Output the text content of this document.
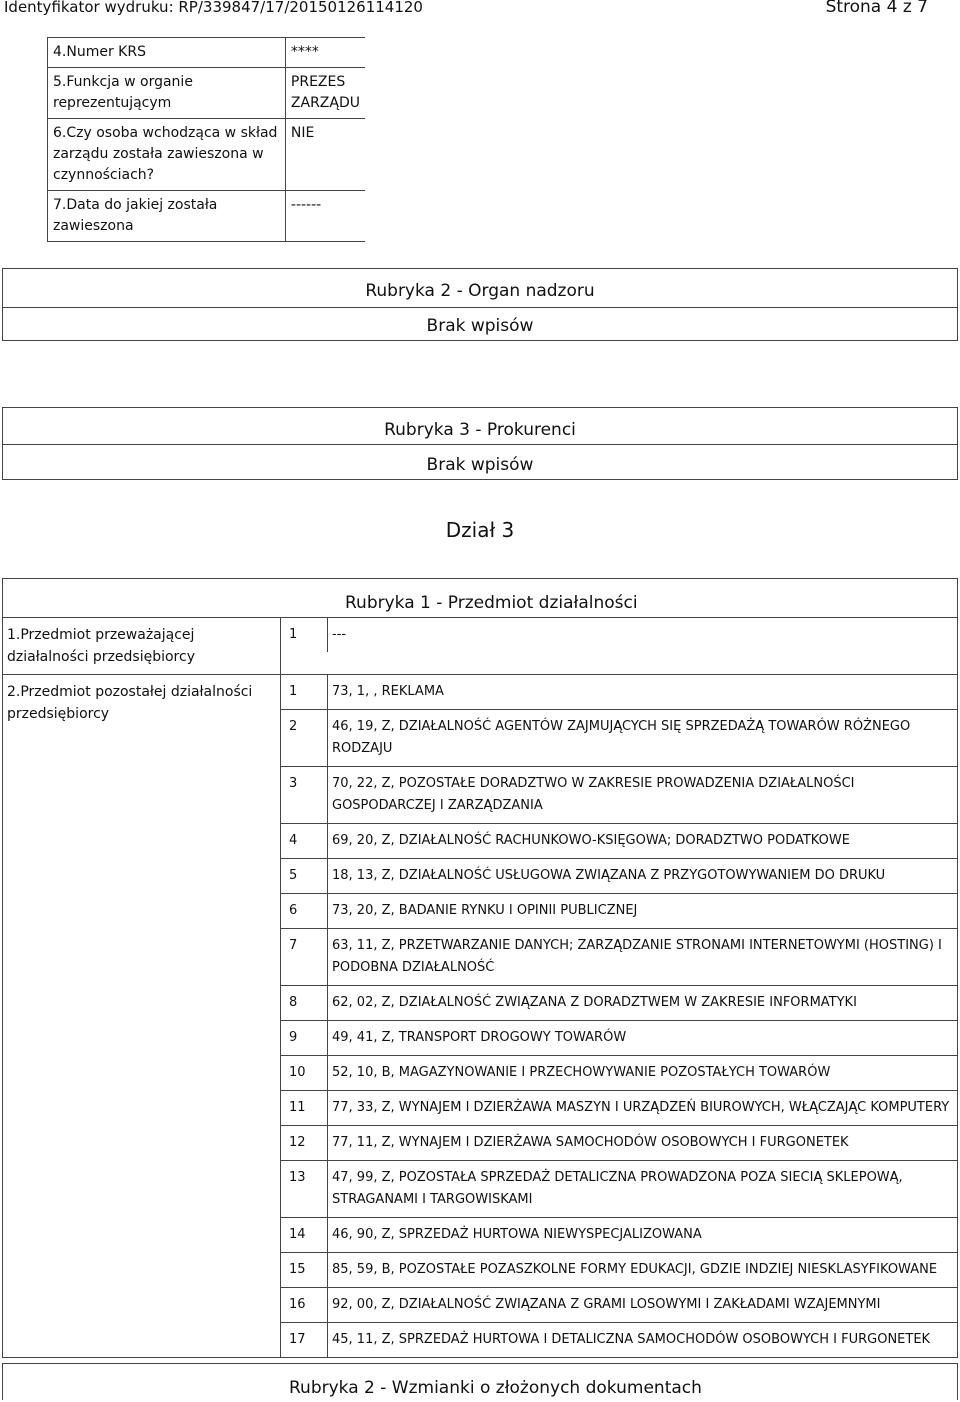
Identyfikator wydruku: RP/339847/17/20150126114120	Strona 4 z 7
4.Numer KRS	****
5.Funkcja w organie reprezentującym	PREZES ZARZĄDU
6.Czy osoba wchodząca w skład zarządu została zawieszona w czynnościach?	NIE
7.Data do jakiej została zawieszona	------
Rubryka 2 - Organ nadzoru
Brak wpisów
Rubryka 3 - Prokurenci
Brak wpisów
Dział 3
Rubryka 1 - Przedmiot działalności
1.Przedmiot przeważającej działalności przedsiębiorcy
1	---
2.Przedmiot pozostałej działalności przedsiębiorcy
1	73, 1, , REKLAMA
2	46, 19, Z, DZIAŁALNOŚĆ AGENTÓW ZAJMUJĄCYCH SIĘ SPRZEDAŻĄ TOWARÓW RÓŻNEGO RODZAJU
3	70, 22, Z, POZOSTAŁE DORADZTWO W ZAKRESIE PROWADZENIA DZIAŁALNOŚCI GOSPODARCZEJ I ZARZĄDZANIA
4	69, 20, Z, DZIAŁALNOŚĆ RACHUNKOWO-KSIĘGOWA; DORADZTWO PODATKOWE
5	18, 13, Z, DZIAŁALNOŚĆ USŁUGOWA ZWIĄZANA Z PRZYGOTOWYWANIEM DO DRUKU
6	73, 20, Z, BADANIE RYNKU I OPINII PUBLICZNEJ
7	63, 11, Z, PRZETWARZANIE DANYCH; ZARZĄDZANIE STRONAMI INTERNETOWYMI (HOSTING) I PODOBNA DZIAŁALNOŚĆ
8	62, 02, Z, DZIAŁALNOŚĆ ZWIĄZANA Z DORADZTWEM W ZAKRESIE INFORMATYKI
9	49, 41, Z, TRANSPORT DROGOWY TOWARÓW
10	52, 10, B, MAGAZYNOWANIE I PRZECHOWYWANIE POZOSTAŁYCH TOWARÓW
11	77, 33, Z, WYNAJEM I DZIERŻAWA MASZYN I URZĄDZEŃ BIUROWYCH, WŁĄCZAJĄC KOMPUTERY
12	77, 11, Z, WYNAJEM I DZIERŻAWA SAMOCHODÓW OSOBOWYCH I FURGONETEK
13	47, 99, Z, POZOSTAŁA SPRZEDAŻ DETALICZNA PROWADZONA POZA SIECIĄ SKLEPOWĄ, STRAGANAMI I TARGOWISKAMI
14	46, 90, Z, SPRZEDAŻ HURTOWA NIEWYSPECJALIZOWANA
15	85, 59, B, POZOSTAŁE POZASZKOLNE FORMY EDUKACJI, GDZIE INDZIEJ NIESKLASYFIKOWANE
16	92, 00, Z, DZIAŁALNOŚĆ ZWIĄZANA Z GRAMI LOSOWYMI I ZAKŁADAMI WZAJEMNYMI
17	45, 11, Z, SPRZEDAŻ HURTOWA I DETALICZNA SAMOCHODÓW OSOBOWYCH I FURGONETEK
Rubryka 2 - Wzmianki o złożonych dokumentach
